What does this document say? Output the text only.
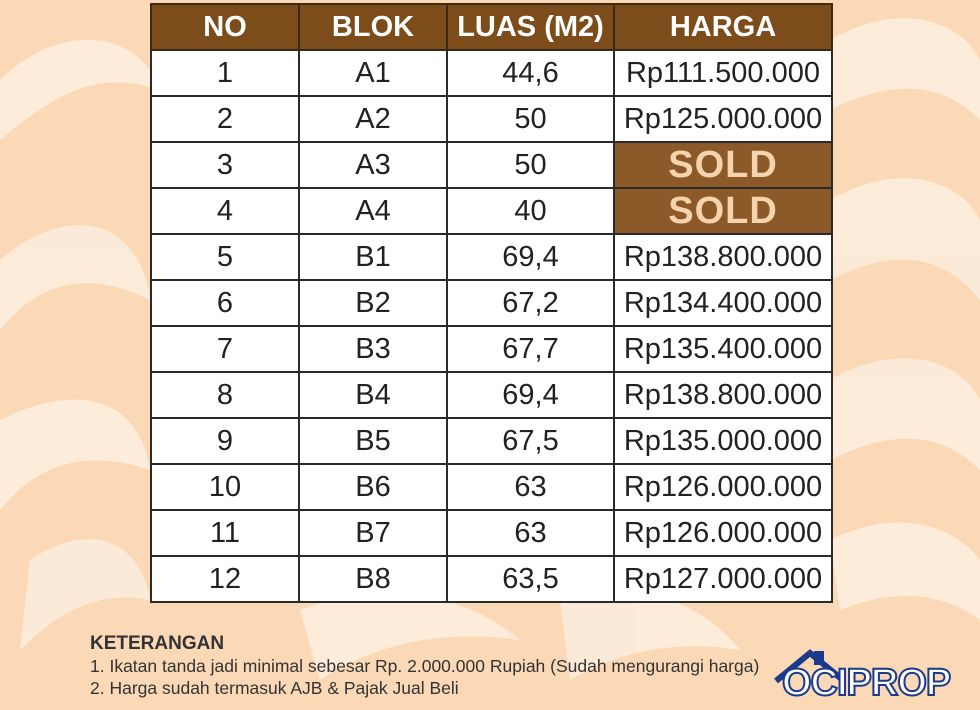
NO	BLOK	LUAS (M2)	HARGA
1	A1	44,6	Rp111.500.000
2	A2	50	Rp125.000.000
3	A3	50	SOLD
4	A4	40	SOLD
5	B1	69,4	Rp138.800.000
6	B2	67,2	Rp134.400.000
7	B3	67,7	Rp135.400.000
8	B4	69,4	Rp138.800.000
9	B5	67,5	Rp135.000.000
10	B6	63	Rp126.000.000
11	B7	63	Rp126.000.000
12	B8	63,5	Rp127.000.000
KETERANGAN
1. Ikatan tanda jadi minimal sebesar Rp. 2.000.000 Rupiah (Sudah mengurangi harga)
2. Harga sudah termasuk AJB & Pajak Jual Beli	OCIPROP
